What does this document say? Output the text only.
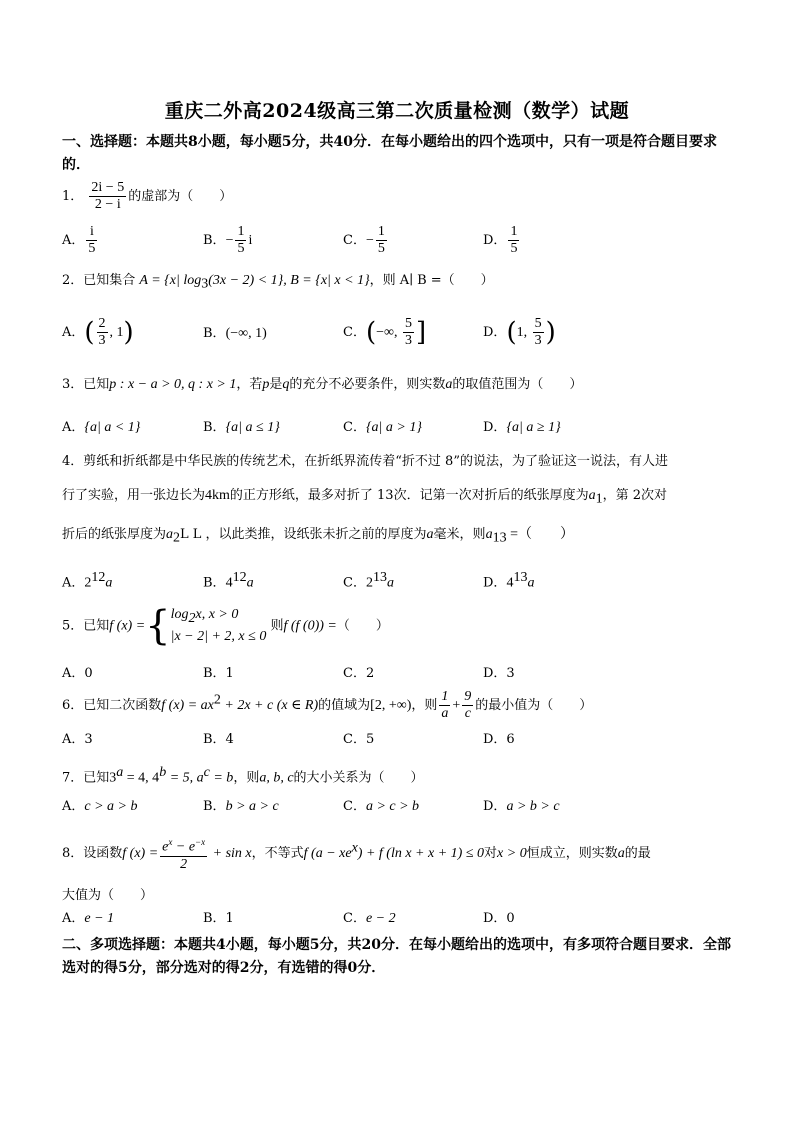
重庆二外高2024级高三第二次质量检测（数学）试题
一、选择题：本题共8小题，每小题5分，共40分．在每小题给出的四个选项中，只有一项是符合题目要求的．
1． $\frac{2i - 5}{2 - i}$ 的虚部为（　　）
A． $\frac{i}{5}$	B．− $\frac{1}{5}$ i	C．− $\frac{1}{5}$	D． $\frac{1}{5}$
2．已知集合 A = {x| $\log_3(3x - 2) < 1$}, B = {x| x < 1}，则 A∣ B =（　　）
A．( $\frac{2}{3}$ , 1)	B．(−∞, 1)	C．(−∞, $\frac{5}{3}$ ]	D．(1, $\frac{5}{3}$ )
3．已知p : x − a > 0, q : x > 1，若p是q的充分不必要条件，则实数a的取值范围为（　　）
A．{a| a < 1}	B．{a| a ≤ 1}	C．{a| a > 1}	D．{a| a ≥ 1}
4．剪纸和折纸都是中华民族的传统艺术，在折纸界流传着“折不过 8”的说法，为了验证这一说法，有人进
行了实验，用一张边长为4km的正方形纸，最多对折了 13次．记第一次对折后的纸张厚度为$a_1$，第 2次对
折后的纸张厚度为$a_2L$ L ，以此类推，设纸张未折之前的厚度为a毫米，则$a_{13}$ =（　　）
A．$2^{12}a$	B．$4^{12}a$	C．$2^{13}a$	D．$4^{13}a$
5．已知f (x) ={ $\log_2x$, x > 0
|x − 2| + 2, x ≤ 0
则f (f (0)) =（　　）
A．0	B．1	C．2	D．3
6．已知二次函数f $(x) = ax^2 + 2x + c$ (x ∈ R)的值域为[2, +∞)，则 $\frac{1}{a} + \frac{9}{c}$ 的最小值为（　　）
A．3	B．4	C．5	D．6
7．已知$3^a = 4$, $4^b = 5$, $a^c = b$，则a, b, c的大小关系为（　　）
A．c > a > b	B．b > a > c	C．a > c > b	D．a > b > c
8．设函数f $(x) = \frac{e^x - e^{-x}}{2} + \sin x$，不等式f $(a - xe^x) + f$ (ln x + x + 1) ≤ 0对x > 0恒成立，则实数a的最
大值为（　　）
A．e − 1	B．1	C．e − 2	D．0
二、多项选择题：本题共4小题，每小题5分，共20分．在每小题给出的选项中，有多项符合题目要求．全部选对的得5分，部分选对的得2分，有选错的得0分．
